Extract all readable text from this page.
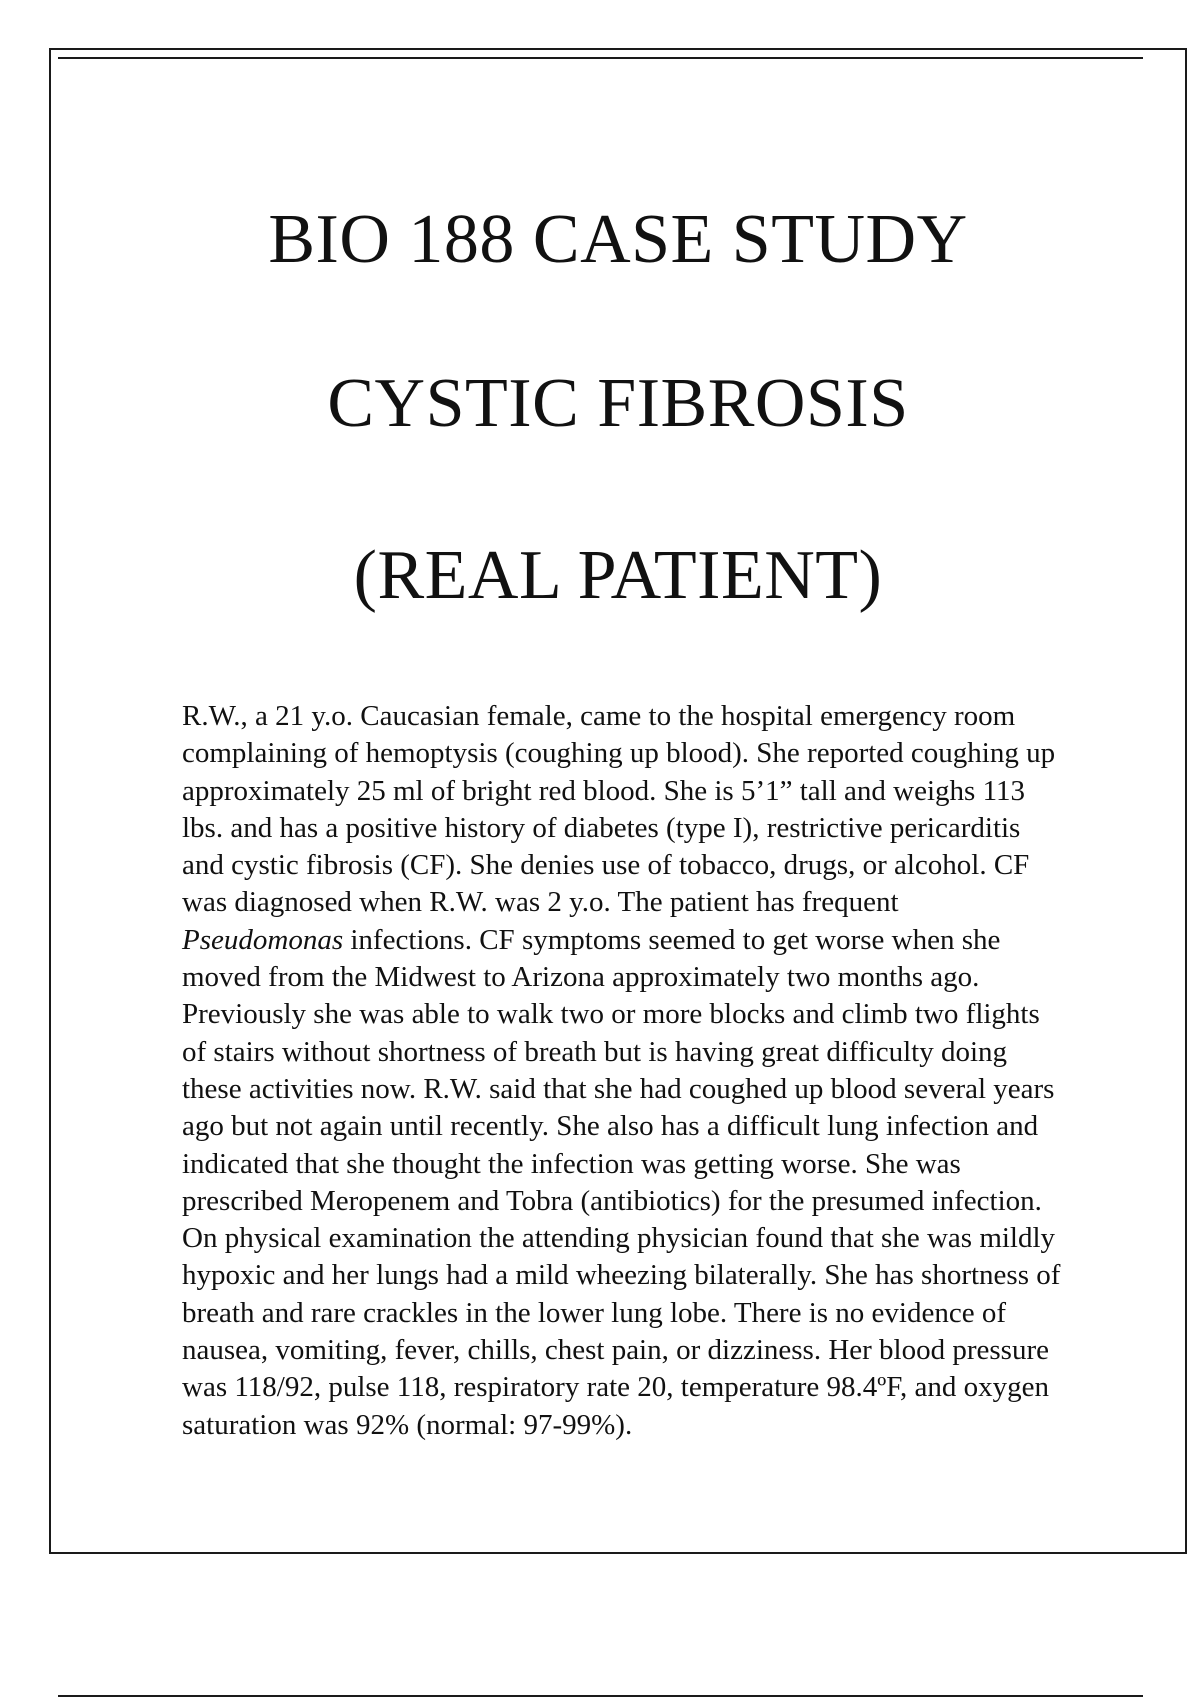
BIO 188 CASE STUDY
CYSTIC FIBROSIS
(REAL PATIENT)

R.W., a 21 y.o. Caucasian female, came to the hospital emergency room complaining of hemoptysis (coughing up blood). She reported coughing up approximately 25 ml of bright red blood. She is 5’1” tall and weighs 113 lbs. and has a positive history of diabetes (type I), restrictive pericarditis and cystic fibrosis (CF). She denies use of tobacco, drugs, or alcohol. CF was diagnosed when R.W. was 2 y.o. The patient has frequent Pseudomonas infections. CF symptoms seemed to get worse when she moved from the Midwest to Arizona approximately two months ago. Previously she was able to walk two or more blocks and climb two flights of stairs without shortness of breath but is having great difficulty doing these activities now. R.W. said that she had coughed up blood several years ago but not again until recently. She also has a difficult lung infection and indicated that she thought the infection was getting worse. She was prescribed Meropenem and Tobra (antibiotics) for the presumed infection. On physical examination the attending physician found that she was mildly hypoxic and her lungs had a mild wheezing bilaterally. She has shortness of breath and rare crackles in the lower lung lobe. There is no evidence of nausea, vomiting, fever, chills, chest pain, or dizziness. Her blood pressure was 118/92, pulse 118, respiratory rate 20, temperature 98.4ºF, and oxygen saturation was 92% (normal: 97-99%).
